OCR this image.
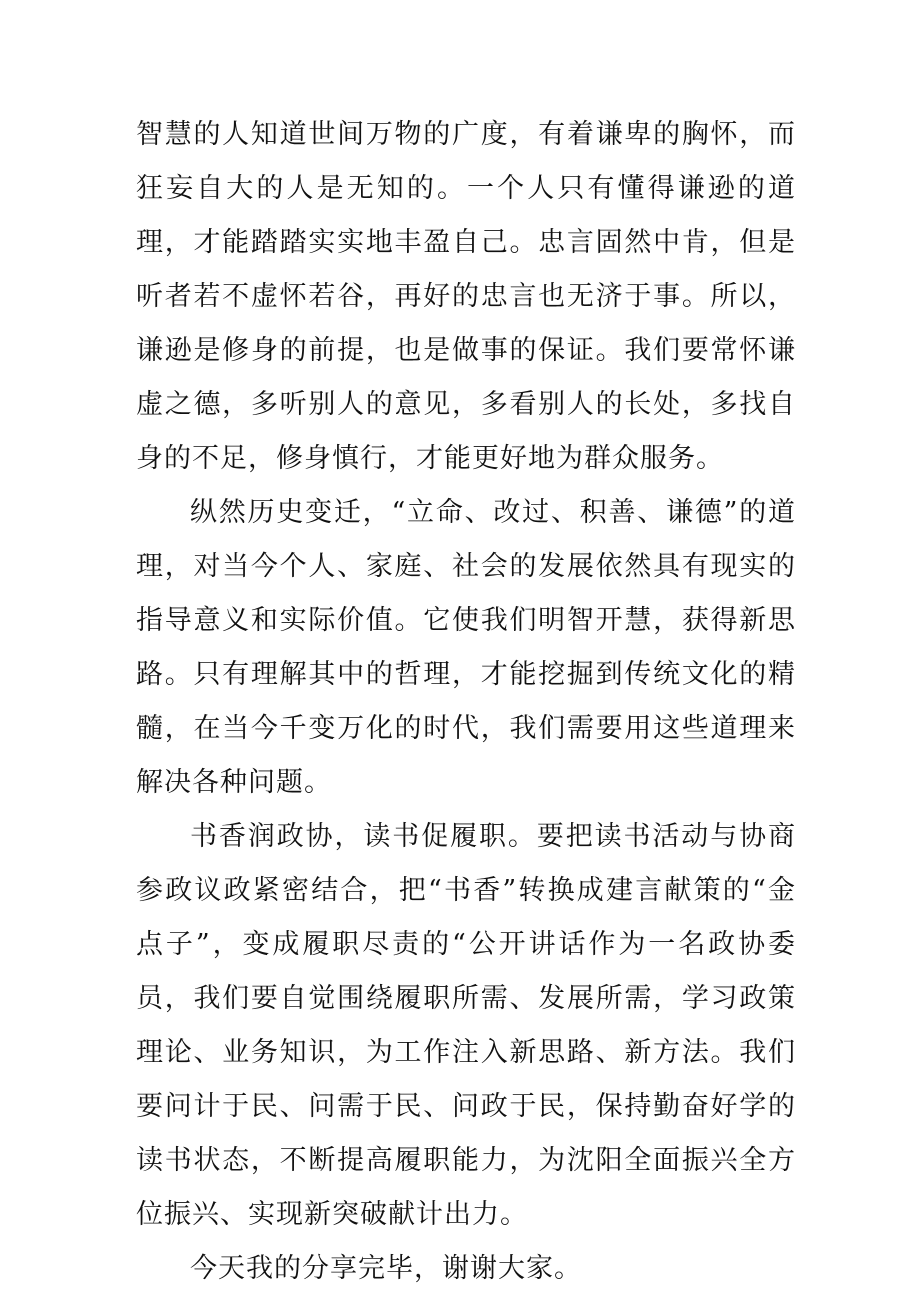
智慧的人知道世间万物的广度，有着谦卑的胸怀，而狂妄自大的人是无知的。一个人只有懂得谦逊的道理，才能踏踏实实地丰盈自己。忠言固然中肯，但是听者若不虚怀若谷，再好的忠言也无济于事。所以，谦逊是修身的前提，也是做事的保证。我们要常怀谦虚之德，多听别人的意见，多看别人的长处，多找自身的不足，修身慎行，才能更好地为群众服务。

纵然历史变迁，“立命、改过、积善、谦德”的道理，对当今个人、家庭、社会的发展依然具有现实的指导意义和实际价值。它使我们明智开慧，获得新思路。只有理解其中的哲理，才能挖掘到传统文化的精髓，在当今千变万化的时代，我们需要用这些道理来解决各种问题。

书香润政协，读书促履职。要把读书活动与协商参政议政紧密结合，把“书香”转换成建言献策的“金点子”，变成履职尽责的“公开讲话作为一名政协委员，我们要自觉围绕履职所需、发展所需，学习政策理论、业务知识，为工作注入新思路、新方法。我们要问计于民、问需于民、问政于民，保持勤奋好学的读书状态，不断提高履职能力，为沈阳全面振兴全方位振兴、实现新突破献计出力。

今天我的分享完毕，谢谢大家。
